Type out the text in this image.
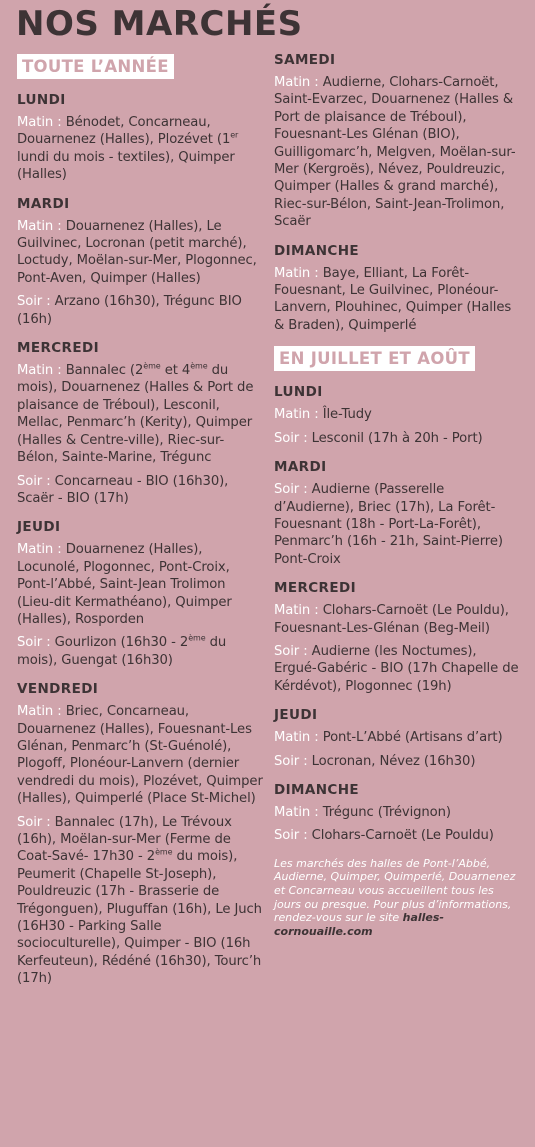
NOS MARCHÉS
TOUTE L’ANNÉE
LUNDI
Matin : Bénodet, Concarneau, Douarnenez (Halles), Plozévet (1er lundi du mois - textiles), Quimper (Halles)
MARDI
Matin : Douarnenez (Halles), Le Guilvinec, Locronan (petit marché), Loctudy, Moëlan-sur-Mer, Plogonnec, Pont-Aven, Quimper (Halles)
Soir : Arzano (16h30), Trégunc BIO (16h)
MERCREDI
Matin : Bannalec (2ème et 4ème du mois), Douarnenez (Halles & Port de plaisance de Tréboul), Lesconil, Mellac, Penmarc’h (Kerity), Quimper (Halles & Centre-ville), Riec-sur-Bélon, Sainte-Marine, Trégunc
Soir : Concarneau - BIO (16h30), Scaër - BIO (17h)
JEUDI
Matin : Douarnenez (Halles), Locunolé, Plogonnec, Pont-Croix, Pont-l’Abbé, Saint-Jean Trolimon (Lieu-dit Kermathéano), Quimper (Halles), Rosporden
Soir : Gourlizon (16h30 - 2ème du mois), Guengat (16h30)
VENDREDI
Matin : Briec, Concarneau, Douarnenez (Halles), Fouesnant-Les Glénan, Penmarc’h (St-Guénolé), Plogoff, Plonéour-Lanvern (dernier vendredi du mois), Plozévet, Quimper (Halles), Quimperlé (Place St-Michel)
Soir : Bannalec (17h), Le Trévoux (16h), Moëlan-sur-Mer (Ferme de Coat-Savé- 17h30 - 2ème du mois), Peumerit (Chapelle St-Joseph), Pouldreuzic (17h - Brasserie de Trégonguen), Pluguffan (16h), Le Juch (16H30 - Parking Salle socioculturelle), Quimper - BIO (16h Kerfeuteun), Rédéné (16h30), Tourc’h (17h)
SAMEDI
Matin : Audierne, Clohars-Carnoët, Saint-Evarzec, Douarnenez (Halles & Port de plaisance de Tréboul), Fouesnant-Les Glénan (BIO), Guilligomarc’h, Melgven, Moëlan-sur-Mer (Kergroës), Névez, Pouldreuzic, Quimper (Halles & grand marché), Riec-sur-Bélon, Saint-Jean-Trolimon, Scaër
DIMANCHE
Matin : Baye, Elliant, La Forêt-Fouesnant, Le Guilvinec, Plonéour-Lanvern, Plouhinec, Quimper (Halles & Braden), Quimperlé
EN JUILLET ET AOÛT
LUNDI
Matin : Île-Tudy
Soir : Lesconil (17h à 20h - Port)
MARDI
Soir : Audierne (Passerelle d’Audierne), Briec (17h), La Forêt-Fouesnant (18h - Port-La-Forêt), Penmarc’h (16h - 21h, Saint-Pierre) Pont-Croix
MERCREDI
Matin : Clohars-Carnoët (Le Pouldu), Fouesnant-Les-Glénan (Beg-Meil)
Soir : Audierne (les Noctumes), Ergué-Gabéric - BIO (17h Chapelle de Kérdévot), Plogonnec (19h)
JEUDI
Matin : Pont-L’Abbé (Artisans d’art)
Soir : Locronan, Névez (16h30)
DIMANCHE
Matin : Trégunc (Trévignon)
Soir : Clohars-Carnoët (Le Pouldu)
Les marchés des halles de Pont-l’Abbé, Audierne, Quimper, Quimperlé, Douarnenez et Concarneau vous accueillent tous les jours ou presque. Pour plus d’informations, rendez-vous sur le site halles-cornouaille.com
